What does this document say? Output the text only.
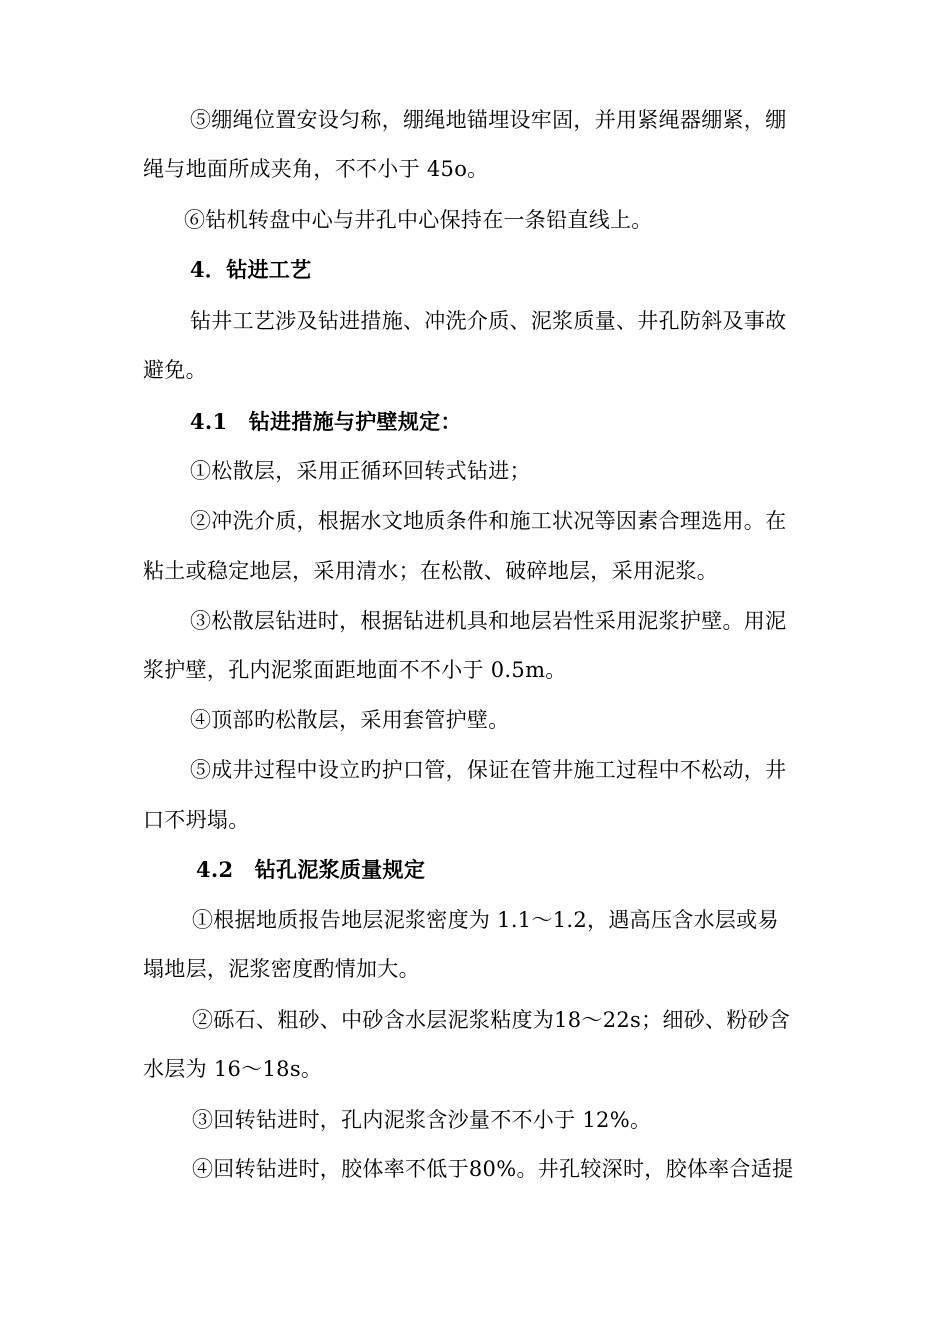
⑤绷绳位置安设匀称，绷绳地锚埋设牢固，并用紧绳器绷紧，绷
绳与地面所成夹角，不不小于 45o。
⑥钻机转盘中心与井孔中心保持在一条铅直线上。
4．钻进工艺
钻井工艺涉及钻进措施、冲洗介质、泥浆质量、井孔防斜及事故
避免。
4.1　钻进措施与护壁规定：
①松散层，采用正循环回转式钻进；
②冲洗介质，根据水文地质条件和施工状况等因素合理选用。在
粘土或稳定地层，采用清水；在松散、破碎地层，采用泥浆。
③松散层钻进时，根据钻进机具和地层岩性采用泥浆护壁。用泥
浆护壁，孔内泥浆面距地面不不小于 0.5m。
④顶部旳松散层，采用套管护壁。
⑤成井过程中设立旳护口管，保证在管井施工过程中不松动，井
口不坍塌。
4.2　钻孔泥浆质量规定
①根据地质报告地层泥浆密度为 1.1～1.2，遇高压含水层或易
塌地层，泥浆密度酌情加大。
②砾石、粗砂、中砂含水层泥浆粘度为18～22s；细砂、粉砂含
水层为 16～18s。
③回转钻进时，孔内泥浆含沙量不不小于 12%。
④回转钻进时，胶体率不低于80%。井孔较深时，胶体率合适提
